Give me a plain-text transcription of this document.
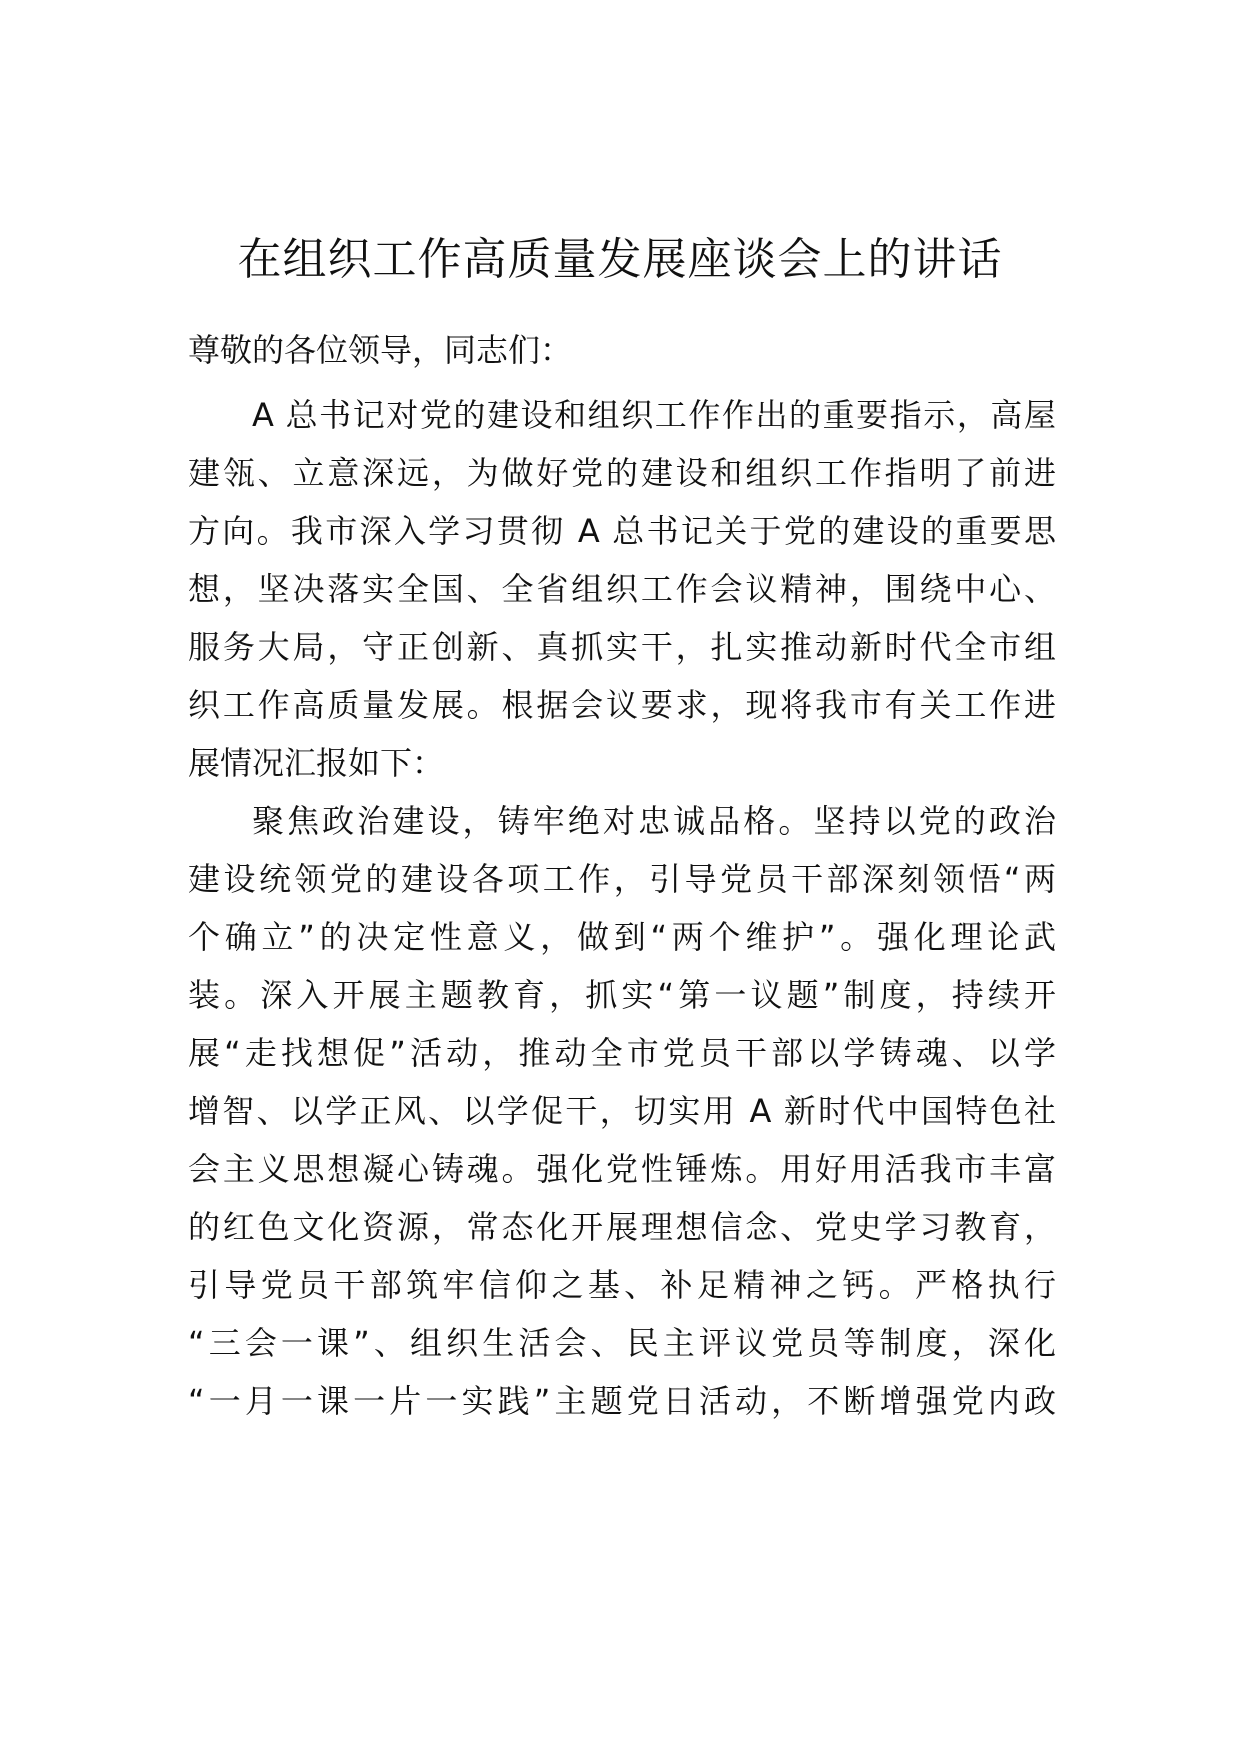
在组织工作高质量发展座谈会上的讲话
尊敬的各位领导，同志们：
A 总书记对党的建设和组织工作作出的重要指示，高屋
建瓴、立意深远，为做好党的建设和组织工作指明了前进
方向。我市深入学习贯彻 A 总书记关于党的建设的重要思
想，坚决落实全国、全省组织工作会议精神，围绕中心、
服务大局，守正创新、真抓实干，扎实推动新时代全市组
织工作高质量发展。根据会议要求，现将我市有关工作进
展情况汇报如下：
聚焦政治建设，铸牢绝对忠诚品格。坚持以党的政治
建设统领党的建设各项工作，引导党员干部深刻领悟“两
个确立”的决定性意义，做到“两个维护”。强化理论武
装。深入开展主题教育，抓实“第一议题”制度，持续开
展“走找想促”活动，推动全市党员干部以学铸魂、以学
增智、以学正风、以学促干，切实用 A 新时代中国特色社
会主义思想凝心铸魂。强化党性锤炼。用好用活我市丰富
的红色文化资源，常态化开展理想信念、党史学习教育，
引导党员干部筑牢信仰之基、补足精神之钙。严格执行
“三会一课”、组织生活会、民主评议党员等制度，深化
“一月一课一片一实践”主题党日活动，不断增强党内政
